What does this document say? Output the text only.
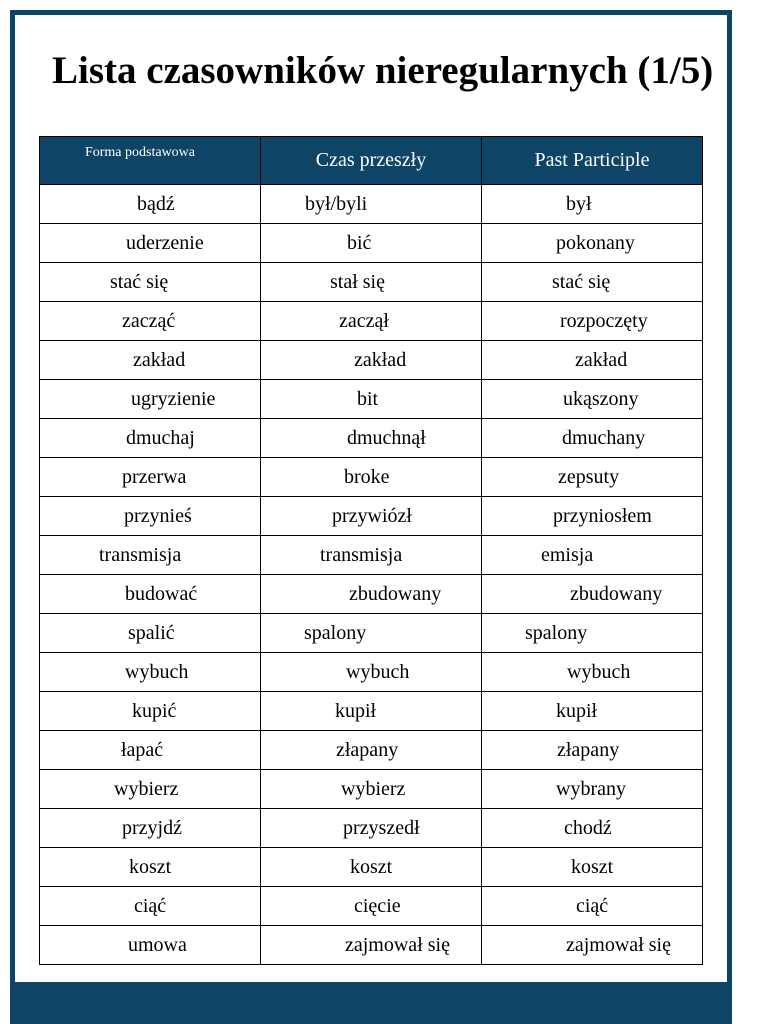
Lista czasowników nieregularnych (1/5)
Forma podstawowa	Czas przeszły	Past Participle
bądź	był/byli	był
uderzenie	bić	pokonany
stać się	stał się	stać się
zacząć	zaczął	rozpoczęty
zakład	zakład	zakład
ugryzienie	bit	ukąszony
dmuchaj	dmuchnął	dmuchany
przerwa	broke	zepsuty
przynieś	przywiózł	przyniosłem
transmisja	transmisja	emisja
budować	zbudowany	zbudowany
spalić	spalony	spalony
wybuch	wybuch	wybuch
kupić	kupił	kupił
łapać	złapany	złapany
wybierz	wybierz	wybrany
przyjdź	przyszedł	chodź
koszt	koszt	koszt
ciąć	cięcie	ciąć
umowa	zajmował się	zajmował się
